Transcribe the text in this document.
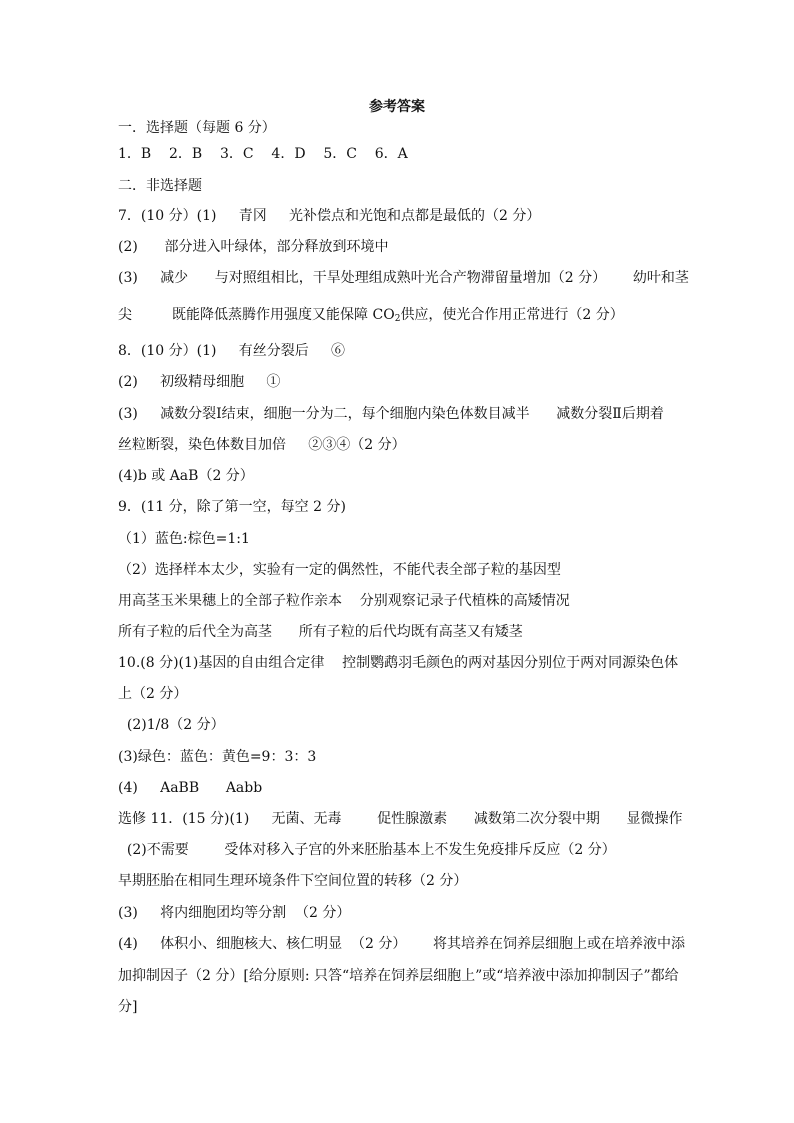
参考答案
一．选择题（每题 6 分）
1．B    2．B    3．C    4．D    5．C    6．A
二．非选择题
7．(10 分）(1)     青冈     光补偿点和光饱和点都是最低的（2 分）
(2)      部分进入叶绿体，部分释放到环境中
(3)     减少      与对照组相比，干旱处理组成熟叶光合产物滞留量增加（2 分）      幼叶和茎
尖         既能降低蒸腾作用强度又能保障 $CO_2$供应，使光合作用正常进行（2 分）
8．(10 分）(1)     有丝分裂后     ⑥
(2)     初级精母细胞     ①
(3)     减数分裂Ⅰ结束，细胞一分为二，每个细胞内染色体数目减半      减数分裂Ⅱ后期着
丝粒断裂，染色体数目加倍     ②③④（2 分）
(4)b 或 AaB（2 分）
9．(11 分，除了第一空，每空 2 分)
（1）蓝色:棕色=1:1
（2）选择样本太少，实验有一定的偶然性，不能代表全部子粒的基因型
用高茎玉米果穗上的全部子粒作亲本    分别观察记录子代植株的高矮情况
所有子粒的后代全为高茎      所有子粒的后代均既有高茎又有矮茎
10.(8 分)(1)基因的自由组合定律    控制鹦鹉羽毛颜色的两对基因分别位于两对同源染色体
上（2 分）
(2)1/8（2 分）
(3)绿色：蓝色：黄色=9：3：3
(4)     AaBB      Aabb
选修 11．(15 分)(1)     无菌、无毒        促性腺激素      减数第二次分裂中期      显微操作
(2)不需要        受体对移入子宫的外来胚胎基本上不发生免疫排斥反应（2 分）
早期胚胎在相同生理环境条件下空间位置的转移（2 分）
(3)     将内细胞团均等分割  （2 分）
(4)     体积小、细胞核大、核仁明显  （2 分）      将其培养在饲养层细胞上或在培养液中添
加抑制因子（2 分）[给分原则: 只答“培养在饲养层细胞上”或“培养液中添加抑制因子”都给
分]
